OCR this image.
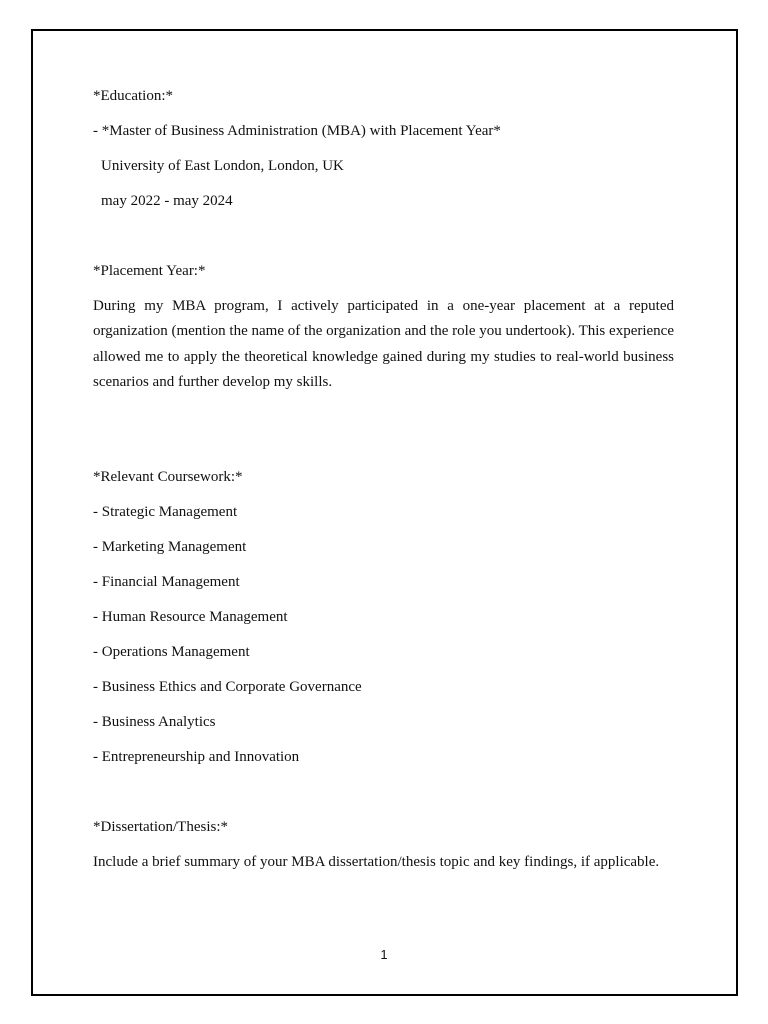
*Education:*
- *Master of Business Administration (MBA) with Placement Year*
University of East London, London, UK
may 2022 - may 2024
*Placement Year:*

During my MBA program, I actively participated in a one-year placement at a reputed organization (mention the name of the organization and the role you undertook). This experience allowed me to apply the theoretical knowledge gained during my studies to real-world business scenarios and further develop my skills.

*Relevant Coursework:*
- Strategic Management
- Marketing Management
- Financial Management
- Human Resource Management
- Operations Management
- Business Ethics and Corporate Governance
- Business Analytics
- Entrepreneurship and Innovation
*Dissertation/Thesis:*

Include a brief summary of your MBA dissertation/thesis topic and key findings, if applicable.

1
